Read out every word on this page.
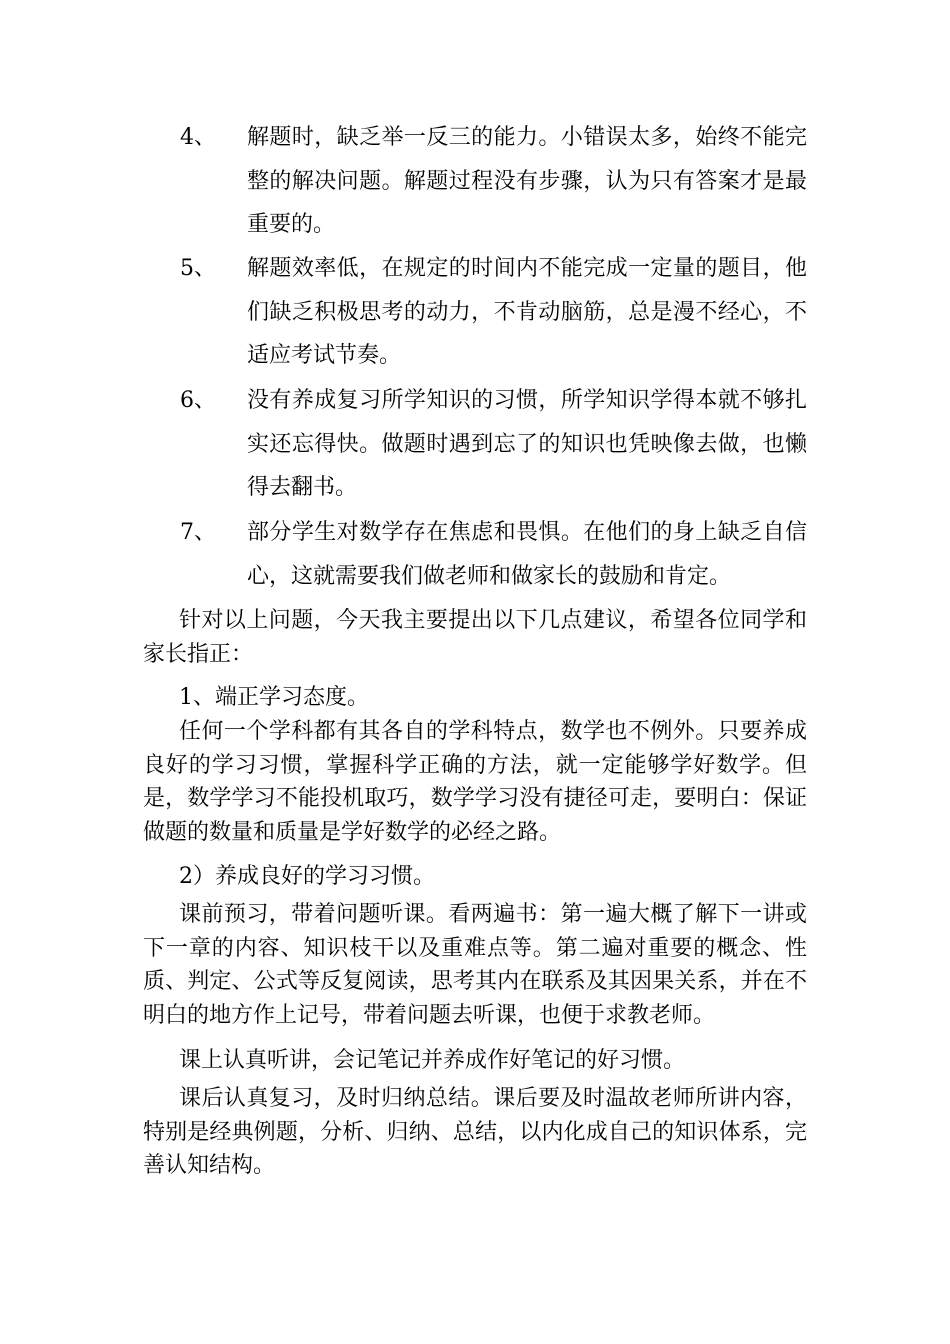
4、	解题时，缺乏举一反三的能力。小错误太多，始终不能完整的解决问题。解题过程没有步骤，认为只有答案才是最重要的。
5、	解题效率低，在规定的时间内不能完成一定量的题目，他们缺乏积极思考的动力，不肯动脑筋，总是漫不经心，不适应考试节奏。
6、	没有养成复习所学知识的习惯，所学知识学得本就不够扎实还忘得快。做题时遇到忘了的知识也凭映像去做，也懒得去翻书。
7、	部分学生对数学存在焦虑和畏惧。在他们的身上缺乏自信心，这就需要我们做老师和做家长的鼓励和肯定。

针对以上问题，今天我主要提出以下几点建议，希望各位同学和家长指正：

1、端正学习态度。

任何一个学科都有其各自的学科特点，数学也不例外。只要养成良好的学习习惯，掌握科学正确的方法，就一定能够学好数学。但是，数学学习不能投机取巧，数学学习没有捷径可走，要明白：保证做题的数量和质量是学好数学的必经之路。

2）养成良好的学习习惯。

课前预习，带着问题听课。看两遍书：第一遍大概了解下一讲或下一章的内容、知识枝干以及重难点等。第二遍对重要的概念、性质、判定、公式等反复阅读，思考其内在联系及其因果关系，并在不明白的地方作上记号，带着问题去听课，也便于求教老师。

课上认真听讲，会记笔记并养成作好笔记的好习惯。

课后认真复习，及时归纳总结。课后要及时温故老师所讲内容，特别是经典例题，分析、归纳、总结，以内化成自己的知识体系，完善认知结构。
